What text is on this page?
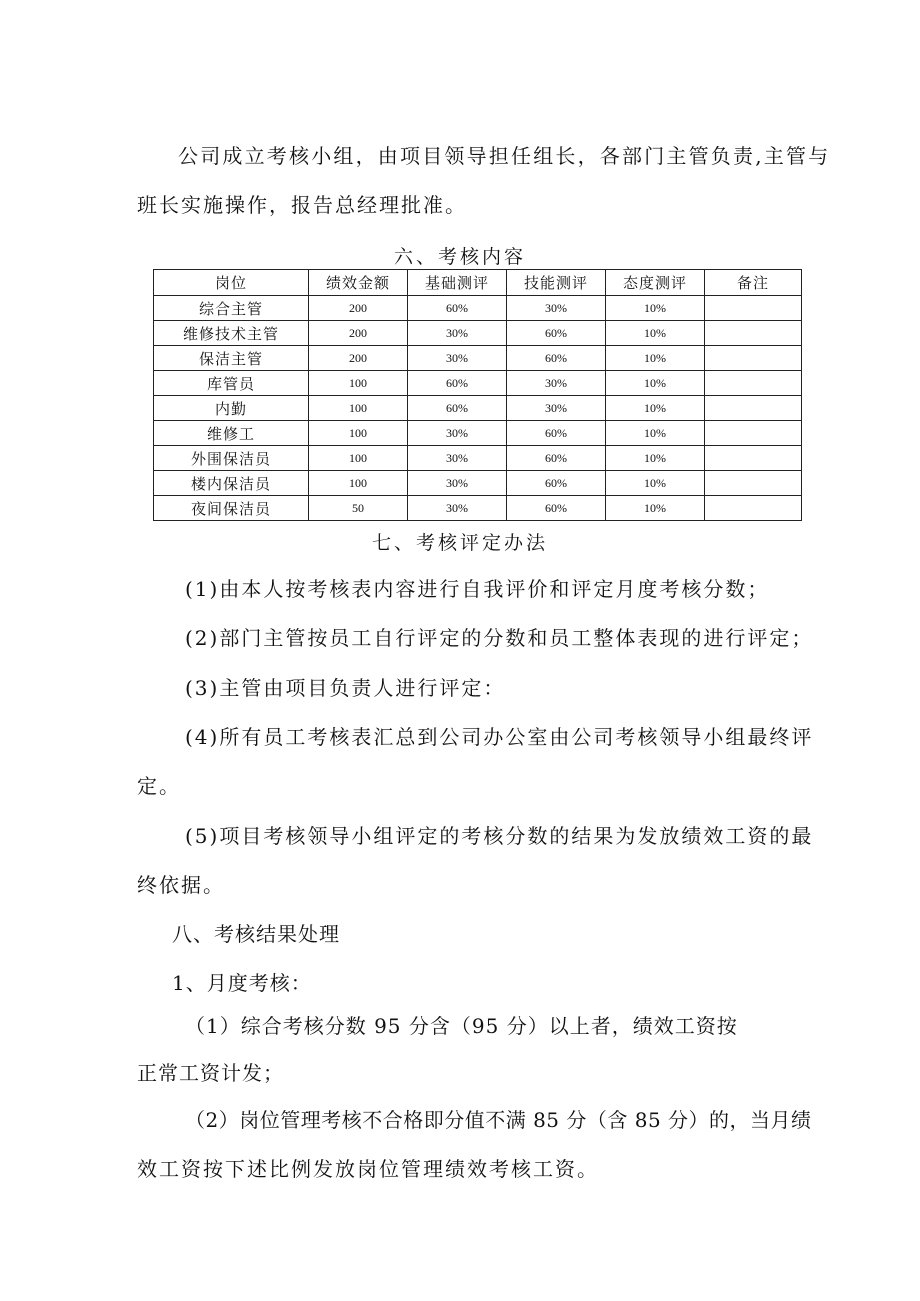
公司成立考核小组，由项目领导担任组长，各部门主管负责,主管与
班长实施操作，报告总经理批准。
六、考核内容
岗位	绩效金额	基础测评	技能测评	态度测评	备注
综合主管	200	60%	30%	10%	
维修技术主管	200	30%	60%	10%	
保洁主管	200	30%	60%	10%	
库管员	100	60%	30%	10%	
内勤	100	60%	30%	10%	
维修工	100	30%	60%	10%	
外围保洁员	100	30%	60%	10%	
楼内保洁员	100	30%	60%	10%	
夜间保洁员	50	30%	60%	10%	
七、考核评定办法
(1)由本人按考核表内容进行自我评价和评定月度考核分数；
(2)部门主管按员工自行评定的分数和员工整体表现的进行评定；
(3)主管由项目负责人进行评定：
(4)所有员工考核表汇总到公司办公室由公司考核领导小组最终评
定。
(5)项目考核领导小组评定的考核分数的结果为发放绩效工资的最
终依据。
八、考核结果处理
1、月度考核：
（1）综合考核分数 95 分含（95 分）以上者，绩效工资按
正常工资计发；
（2）岗位管理考核不合格即分值不满 85 分（含 85 分）的，当月绩
效工资按下述比例发放岗位管理绩效考核工资。
